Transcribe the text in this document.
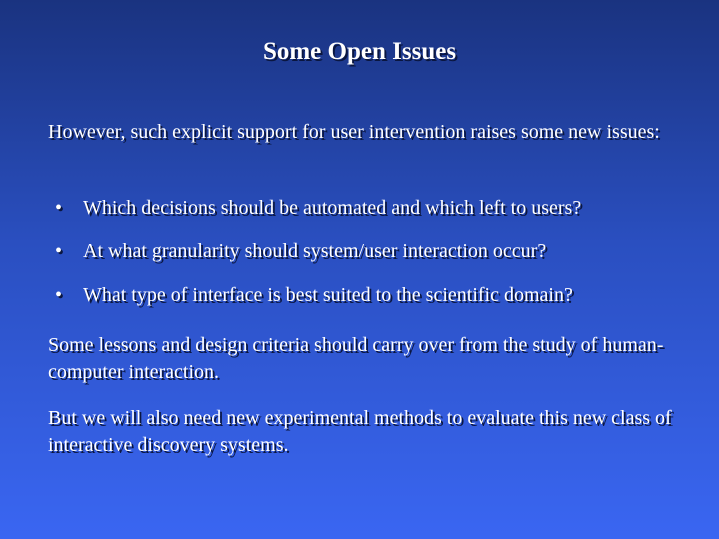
Some Open Issues
However, such explicit support for user intervention raises some new issues:
• Which decisions should be automated and which left to users?
• At what granularity should system/user interaction occur?
• What type of interface is best suited to the scientific domain?
Some lessons and design criteria should carry over from the study of human-computer interaction.
But we will also need new experimental methods to evaluate this new class of interactive discovery systems.
